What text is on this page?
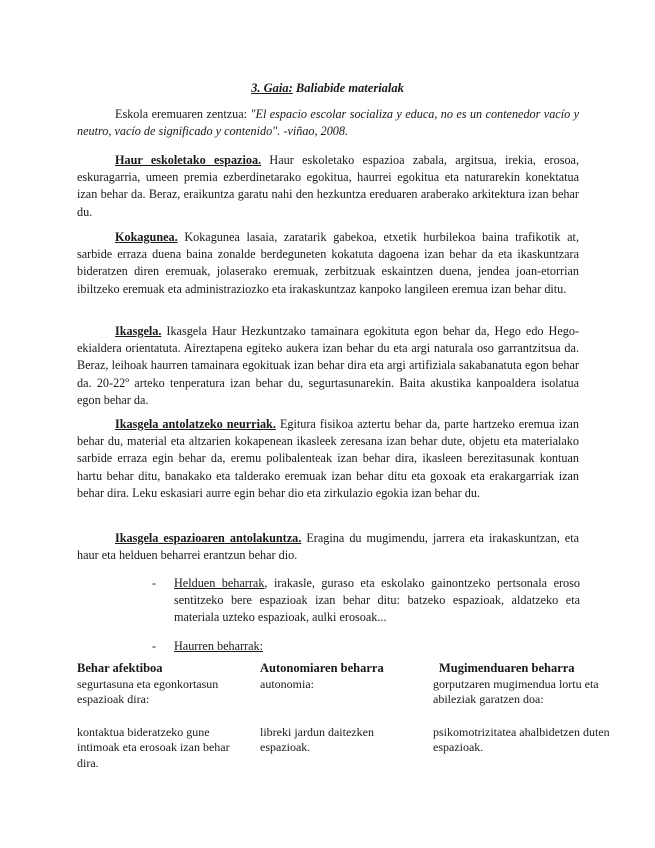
3. Gaia: Baliabide materialak

Eskola eremuaren zentzua: "El espacio escolar socializa y educa, no es un contenedor vacío y neutro, vacío de significado y contenido". -viñao, 2008.

Haur eskoletako espazioa. Haur eskoletako espazioa zabala, argitsua, irekia, erosoa, eskuragarria, umeen premia ezberdinetarako egokitua, haurrei egokitua eta naturarekin konektatua izan behar da. Beraz, eraikuntza garatu nahi den hezkuntza ereduaren araberako arkitektura izan behar du.

Kokagunea. Kokagunea lasaia, zaratarik gabekoa, etxetik hurbilekoa baina trafikotik at, sarbide erraza duena baina zonalde berdeguneten kokatuta dagoena izan behar da eta ikaskuntzara bideratzen diren eremuak, jolaserako eremuak, zerbitzuak eskaintzen duena, jendea joan-etorrian ibiltzeko eremuak eta administraziozko eta irakaskuntzaz kanpoko langileen eremua izan behar ditu.

Ikasgela. Ikasgela Haur Hezkuntzako tamainara egokituta egon behar da, Hego edo Hego-ekialdera orientatuta. Aireztapena egiteko aukera izan behar du eta argi naturala oso garrantzitsua da. Beraz, leihoak haurren tamainara egokituak izan behar dira eta argi artifiziala sakabanatuta egon behar da. 20-22º arteko tenperatura izan behar du, segurtasunarekin. Baita akustika kanpoaldera isolatua egon behar da.

Ikasgela antolatzeko neurriak. Egitura fisikoa aztertu behar da, parte hartzeko eremua izan behar du, material eta altzarien kokapenean ikasleek zeresana izan behar dute, objetu eta materialako sarbide erraza egin behar da, eremu polibalenteak izan behar dira, ikasleen berezitasunak kontuan hartu behar ditu, banakako eta talderako eremuak izan behar ditu eta goxoak eta erakargarriak izan behar dira. Leku eskasiari aurre egin behar dio eta zirkulazio egokia izan behar du.

Ikasgela espazioaren antolakuntza. Eragina du mugimendu, jarrera eta irakaskuntzan, eta haur eta helduen beharrei erantzun behar dio.

- Helduen beharrak, irakasle, guraso eta eskolako gainontzeko pertsonala eroso sentitzeko bere espazioak izan behar ditu: batzeko espazioak, aldatzeko eta materiala uzteko espazioak, aulki erosoak...
- Haurren beharrak:
Behar afektiboa
segurtasuna eta egonkortasun espazioak dira:
kontaktua bideratzeko gune intimoak eta erosoak izan behar dira.
Autonomiaren beharra
autonomia:
libreki jardun daitezken espazioak.
Mugimenduaren beharra
gorputzaren mugimendua lortu eta abileziak garatzen doa:
psikomotrizitatea ahalbidetzen duten espazioak.
